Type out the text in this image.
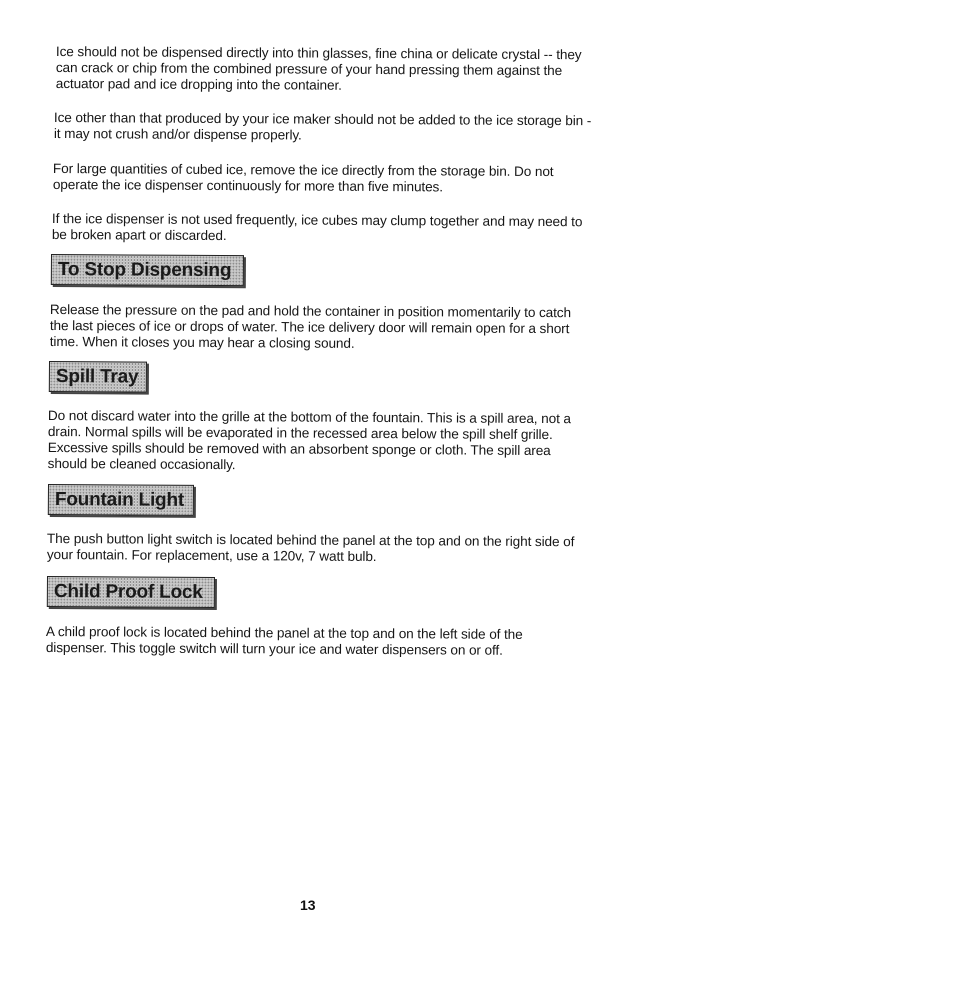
Ice should not be dispensed directly into thin glasses, fine china or delicate crystal -- they can crack or chip from the combined pressure of your hand pressing them against the actuator pad and ice dropping into the container.

Ice other than that produced by your ice maker should not be added to the ice storage bin - it may not crush and/or dispense properly.

For large quantities of cubed ice, remove the ice directly from the storage bin. Do not operate the ice dispenser continuously for more than five minutes.

If the ice dispenser is not used frequently, ice cubes may clump together and may need to be broken apart or discarded.

To Stop Dispensing

Release the pressure on the pad and hold the container in position momentarily to catch the last pieces of ice or drops of water. The ice delivery door will remain open for a short time. When it closes you may hear a closing sound.

Spill Tray

Do not discard water into the grille at the bottom of the fountain. This is a spill area, not a drain. Normal spills will be evaporated in the recessed area below the spill shelf grille. Excessive spills should be removed with an absorbent sponge or cloth. The spill area should be cleaned occasionally.

Fountain Light

The push button light switch is located behind the panel at the top and on the right side of your fountain. For replacement, use a 120v, 7 watt bulb.

Child Proof Lock

A child proof lock is located behind the panel at the top and on the left side of the dispenser. This toggle switch will turn your ice and water dispensers on or off.

13
